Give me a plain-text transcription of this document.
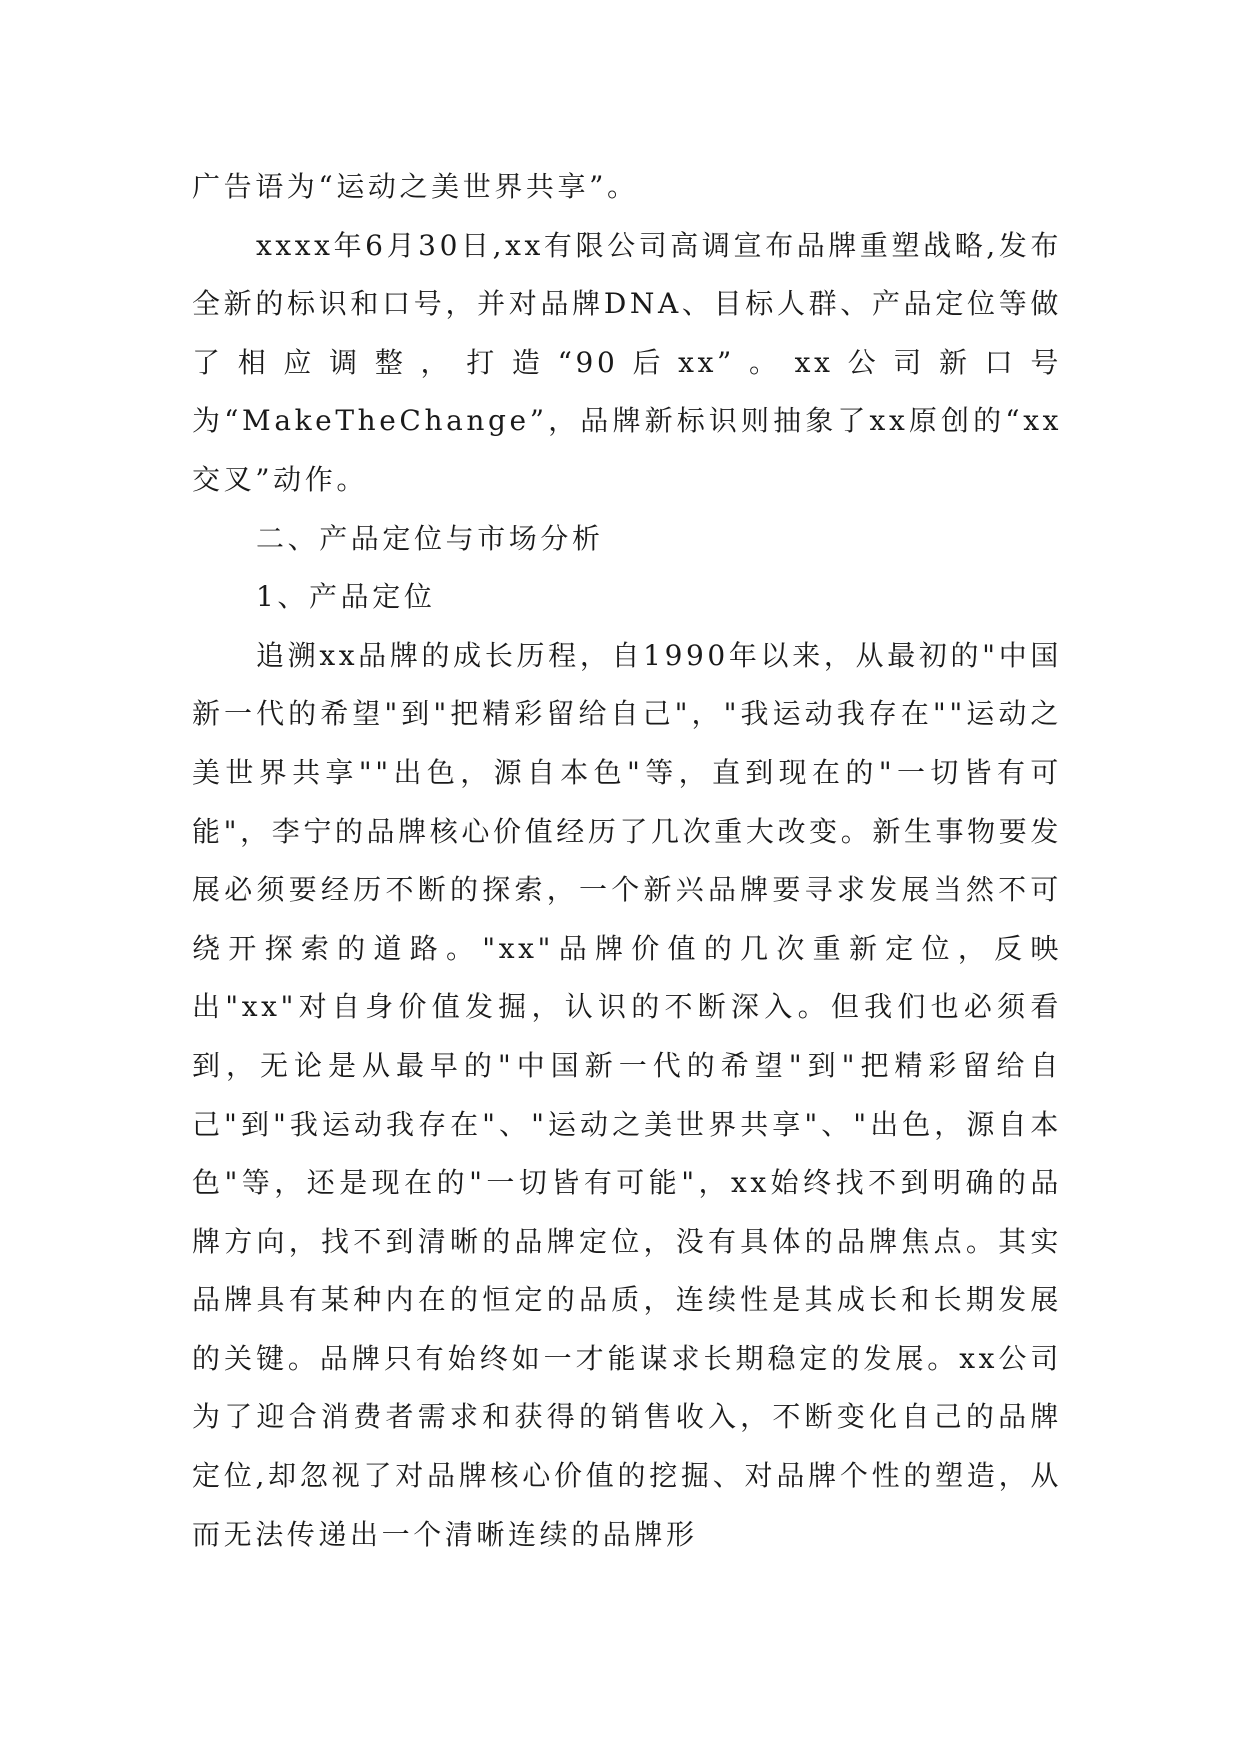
广告语为“运动之美世界共享”。

xxxx年6月30日,xx有限公司高调宣布品牌重塑战略,发布全新的标识和口号，并对品牌DNA、目标人群、产品定位等做了相应调整，打造“90后xx”。xx公司新口号为“MakeTheChange”，品牌新标识则抽象了xx原创的“xx交叉”动作。

二、产品定位与市场分析

1、产品定位

追溯xx品牌的成长历程，自1990年以来，从最初的"中国新一代的希望"到"把精彩留给自己"，"我运动我存在""运动之美世界共享""出色，源自本色"等，直到现在的"一切皆有可能"，李宁的品牌核心价值经历了几次重大改变。新生事物要发展必须要经历不断的探索，一个新兴品牌要寻求发展当然不可绕开探索的道路。"xx"品牌价值的几次重新定位，反映出"xx"对自身价值发掘，认识的不断深入。但我们也必须看到，无论是从最早的"中国新一代的希望"到"把精彩留给自己"到"我运动我存在"、"运动之美世界共享"、"出色，源自本色"等，还是现在的"一切皆有可能"，xx始终找不到明确的品牌方向，找不到清晰的品牌定位，没有具体的品牌焦点。其实品牌具有某种内在的恒定的品质，连续性是其成长和长期发展的关键。品牌只有始终如一才能谋求长期稳定的发展。xx公司为了迎合消费者需求和获得的销售收入，不断变化自己的品牌定位,却忽视了对品牌核心价值的挖掘、对品牌个性的塑造，从而无法传递出一个清晰连续的品牌形
